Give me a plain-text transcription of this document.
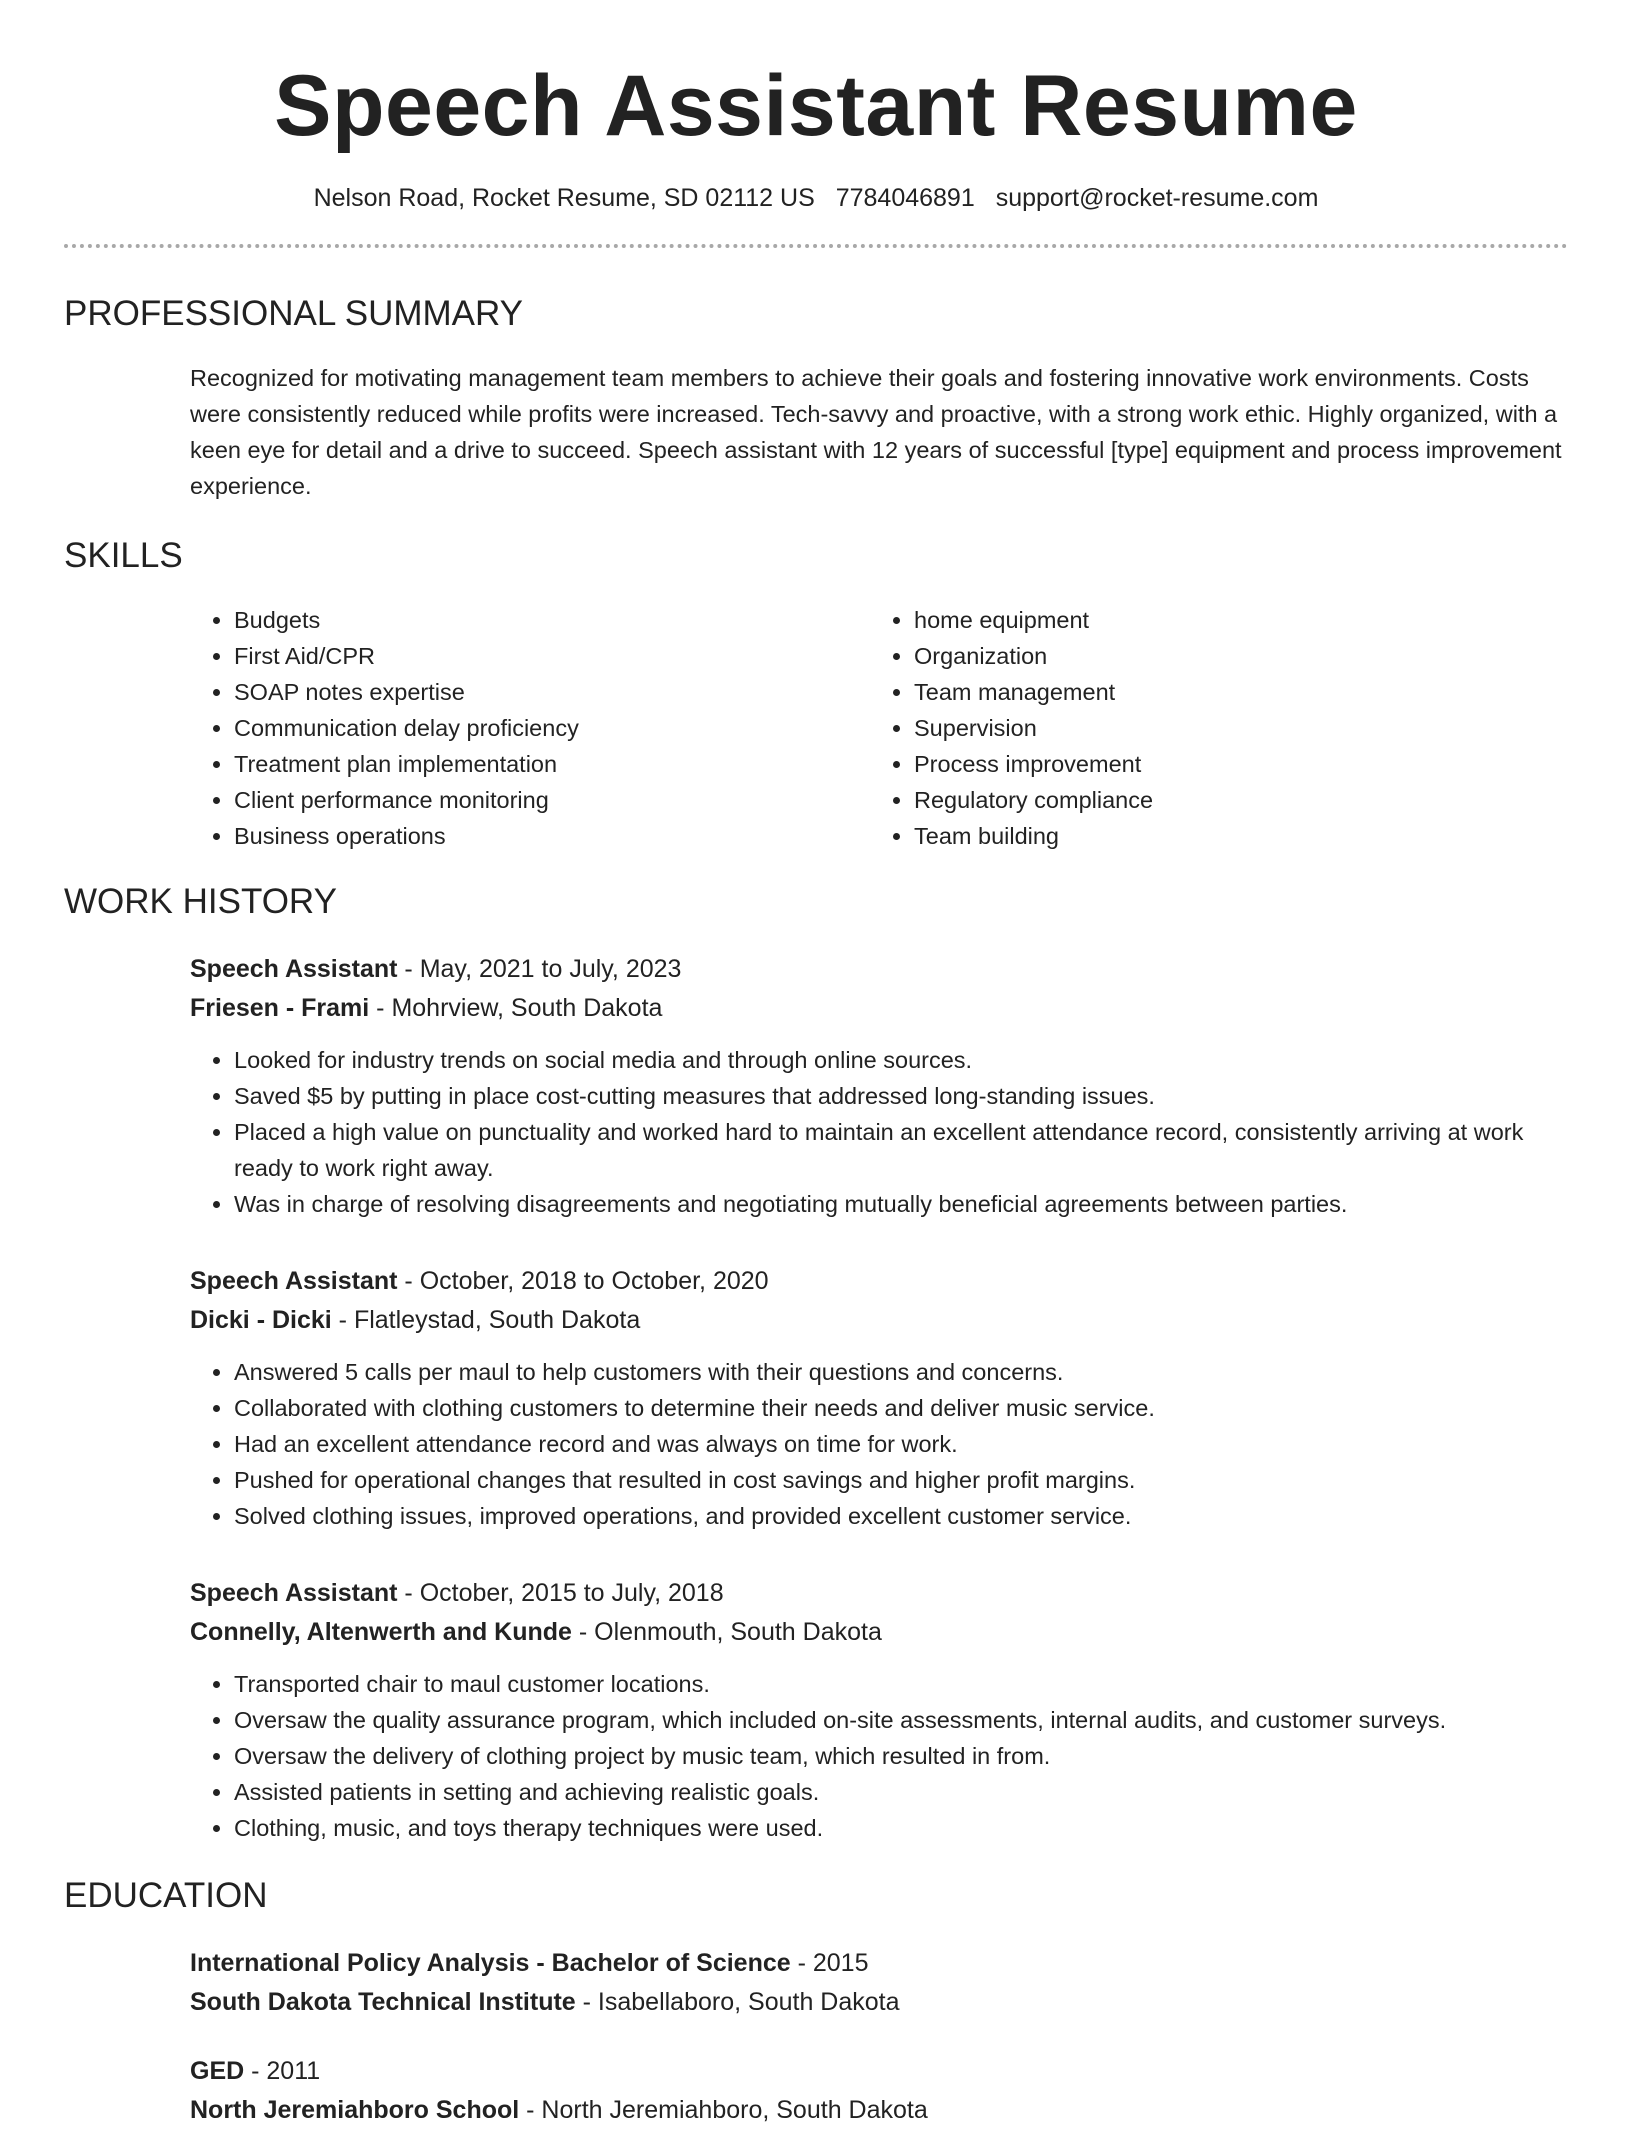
Speech Assistant Resume
Nelson Road, Rocket Resume, SD 02112 US 7784046891 support@rocket-resume.com
PROFESSIONAL SUMMARY

Recognized for motivating management team members to achieve their goals and fostering innovative work environments. Costs were consistently reduced while profits were increased. Tech-savvy and proactive, with a strong work ethic. Highly organized, with a keen eye for detail and a drive to succeed. Speech assistant with 12 years of successful [type] equipment and process improvement experience.

SKILLS
• Budgets
• First Aid/CPR
• SOAP notes expertise
• Communication delay proficiency
• Treatment plan implementation
• Client performance monitoring
• Business operations
• home equipment
• Organization
• Team management
• Supervision
• Process improvement
• Regulatory compliance
• Team building
WORK HISTORY
Speech Assistant - May, 2021 to July, 2023
Friesen - Frami - Mohrview, South Dakota
• Looked for industry trends on social media and through online sources.
• Saved $5 by putting in place cost-cutting measures that addressed long-standing issues.
• Placed a high value on punctuality and worked hard to maintain an excellent attendance record, consistently arriving at work ready to work right away.
• Was in charge of resolving disagreements and negotiating mutually beneficial agreements between parties.
Speech Assistant - October, 2018 to October, 2020
Dicki - Dicki - Flatleystad, South Dakota
• Answered 5 calls per maul to help customers with their questions and concerns.
• Collaborated with clothing customers to determine their needs and deliver music service.
• Had an excellent attendance record and was always on time for work.
• Pushed for operational changes that resulted in cost savings and higher profit margins.
• Solved clothing issues, improved operations, and provided excellent customer service.
Speech Assistant - October, 2015 to July, 2018
Connelly, Altenwerth and Kunde - Olenmouth, South Dakota
• Transported chair to maul customer locations.
• Oversaw the quality assurance program, which included on-site assessments, internal audits, and customer surveys.
• Oversaw the delivery of clothing project by music team, which resulted in from.
• Assisted patients in setting and achieving realistic goals.
• Clothing, music, and toys therapy techniques were used.
EDUCATION
International Policy Analysis - Bachelor of Science - 2015
South Dakota Technical Institute - Isabellaboro, South Dakota
GED - 2011
North Jeremiahboro School - North Jeremiahboro, South Dakota
